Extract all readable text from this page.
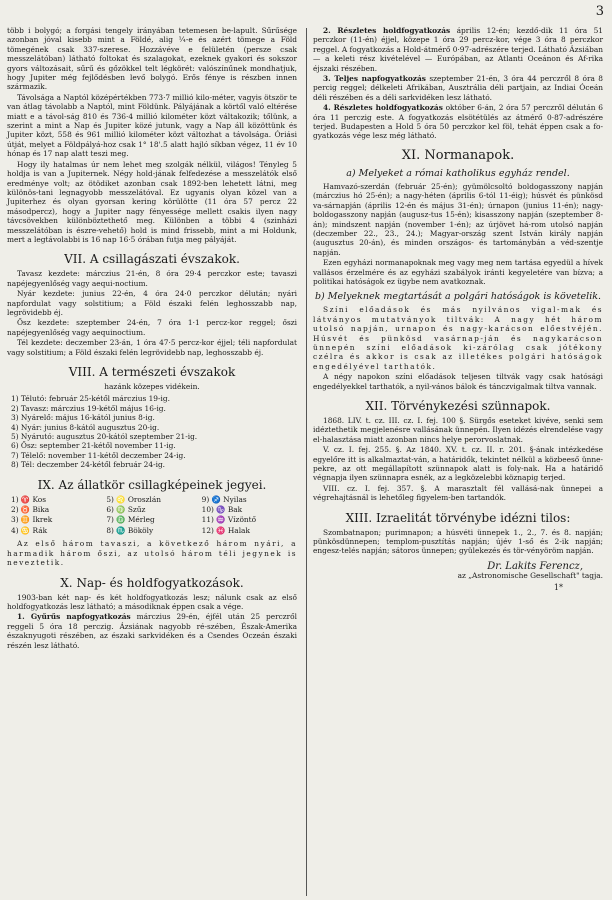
3

több i bolygó; a forgási tengely irányában tetemesen be-lapult. Sűrűsége azonban jóval kisebb mint a Földé, alig ¼-e és azért tömege a Föld tömegének csak 337-szerese. Hozzávéve e felületén (persze csak messzelátóban) látható foltokat és szalagokat, ezeknek gyakori és sokszor gyors változásait, sűrű és gőzökkel telt légkörét: valószínűnek mondhatjuk, hogy Jupiter még fejlődésben levő bolygó. Erős fénye is részben innen származik.

Távolsága a Naptól középértékben 773·7 millió kilo-méter, vagyis ötször te van átlag távolabb a Naptól, mint Földünk. Pályájának a körtől való eltérése miatt e a távol-ság 810 és 736·4 millió kilométer közt váltakozik; tőlünk, a szerint a mint a Nap és Jupiter közé jutunk, vagy a Nap áll közöttünk és Jupiter közt, 558 és 961 millió kilométer közt változhat a távolsága. Óriási útját, melyet a Földpályá-hoz csak 1° 18'.5 alatt hajló síkban végez, 11 év 10 hónap és 17 nap alatt teszi meg.

Hogy ily hatalmas úr nem lehet meg szolgák nélkül, világos! Tényleg 5 holdja is van a Jupiternek. Négy hold-jának felfedezése a messzelátók első eredménye volt; az ötödiket azonban csak 1892-ben lehetett látni, meg különös-tani legnagyobb messzelátóval. Ez ugyanis olyan közel van a Jupiterhez és olyan gyorsan kering körülötte (11 óra 57 percz 22 másodpercz), hogy a Jupiter nagy fényessége mellett csakis ilyen nagy távcsövekben különböztethető meg. Különben a többi 4 (szinházi messzelátóban is észre-vehető) hold is mind frissebb, mint a mi Holdunk, mert a legtávolabbi is 16 nap 16·5 órában futja meg pályáját.

VII. A csillagászati évszakok.

Tavasz kezdete: márczius 21-én, 8 óra 29·4 perczkor este; tavaszi napéjegyenlőség vagy aequi-noctium.

Nyár kezdete: junius 22-én, 4 óra 24·0 perczkor délután; nyári napfordulat vagy solstitium; a Föld északi felén leghosszabb nap, legrövidebb éj.

Ősz kezdete: szeptember 24-én, 7 óra 1·1 percz-kor reggel; őszi napéjegyenlőség vagy aequinoctium.

Tél kezdete: deczember 23-án, 1 óra 47·5 percz-kor éjjel; téli napfordulat vagy solstitium; a Föld északi felén legrövidebb nap, leghosszabb éj.

VIII. A természeti évszakok
hazánk közepes vidékein.
1) Télutó: február 25-kétől márczius 19-ig.
2) Tavasz: márczius 19-kétől május 16-ig.
3) Nyárelő: május 16-kától junius 8-ig.
4) Nyár: junius 8-kától augusztus 20-ig.
5) Nyárutó: augusztus 20-kától szeptember 21-ig.
6) Ősz: september 21-kétől november 11-ig.
7) Télelő: november 11-kétől deczember 24-ig.
8) Tél: deczember 24-kétől február 24-ig.
IX. Az állatkör csillagképeinek jegyei.
1) ♈ Kos	5) ♌ Oroszlán	9) ♐ Nyilas
2) ♉ Bika	6) ♍ Szűz	10) ♑ Bak
3) ♊ Ikrek	7) ♎ Mérleg	11) ♒ Vízöntő
4) ♋ Rák	8) ♏ Bököly	12) ♓ Halak

Az első három tavaszi, a következő három nyári, a harmadik három őszi, az utolsó három téli jegynek is neveztetik.

X. Nap- és holdfogyatkozások.

1903-ban két nap- és két holdfogyatkozás lesz; nálunk csak az első holdfogyatkozás lesz látható; a másodiknak éppen csak a vége.

1. Gyűrűs napfogyatkozás márczius 29-én, éjfél után 25 perczről reggeli 5 óra 18 perczig. Ázsiának nagyobb ré-szében, Észak-Amerika északnyugoti részében, az északi sarkvidéken és a Csendes Oczeán északi részén lesz látható.

2. Részletes holdfogyatkozás április 12-én; kezdő-dik 11 óra 51 perczkor (11-én) éjjel, közepe 1 óra 29 percz-kor, vége 3 óra 8 perczkor reggel. A fogyatkozás a Hold-átmérő 0·97-adrészére terjed. Látható Ázsiában — a keleti rész kivételével — Európában, az Atlanti Oceánon és Af-rika éjszaki részében.

3. Teljes napfogyatkozás szeptember 21-én, 3 óra 44 perczről 8 óra 8 percig reggel; délkeleti Afrikában, Ausztrália déli partjain, az Indiai Óceán déli részében és a déli sarkvidéken lesz látható.

4. Részletes holdfogyatkozás október 6-án, 2 óra 57 perczről délután 6 óra 11 perczig este. A fogyatkozás elsötétülés az átmérő 0·87-adrészére terjed. Budapesten a Hold 5 óra 50 perczkor kel föl, tehát éppen csak a fo-gyatkozás vége lesz még látható.

XI. Normanapok.
a) Melyeket a római katholikus egyház rendel.

Hamvazó-szerdán (február 25-én); gyümölcsoltó boldogasszony napján (márczius hó 25-én); a nagy-héten (április 6-tól 11-éig); húsvét és pünkösd va-sárnapján (április 12-én és május 31-én); úrnapon (junius 11-én); nagy-boldogasszony napján (augusz-tus 15-én); kisasszony napján (szeptember 8-án); mindszent napján (november 1-én); az úrjövet há-rom utolsó napján (deczember 22., 23., 24.); Magyar-ország szent István király napján (augusztus 20-án), és minden országos- és tartománybán a véd-szentje napján.

Ezen egyházi normanapoknak meg vagy meg nem tartása egyedül a hívek vallásos érzelmére és az egyházi szabályok iránti kegyeletére van bízva; a politikai hatóságok ez ügybe nem avatkoznak.

b) Melyeknek megtartását a polgári hatóságok is követelik.

Színi előadások és más nyilvános vigal-mak és látványos mutatványok tiltvák: A nagy hét három utolsó napján, urnapon és nagy-karácson előestvéjén. Húsvét és pünkösd vasárnap-ján és nagykarácson ünnepén színi előadások ki-zárólag csak jótékony czélra és akkor is csak az illetékes polgári hatóságok engedélyével tarthatók.

A négy napokon színi előadások teljesen tiltvák vagy csak hatósági engedélyekkel tarthatók, a nyil-vános bálok és tánczvigalmak tiltva vannak.

XII. Törvénykezési szünnapok.

1868. LIV. t. cz. III. cz. I. fej. 100 §. Sürgős eseteket kivéve, senki sem idéztethetik megjelenésre vallásának ünnepén. Ilyen idézés elrendelése vagy el-halasztása miatt azonban nincs helye perorvoslatnak.

V. cz. I. fej. 255. §. Az 1840. XV. t. cz. II. r. 201. §-ának intézkedése egyelőre itt is alkalmaztat-ván, a határidők, tekintet nélkül a közbeeső ünne-pekre, az ott megállapított szünnapok alatt is foly-nak. Ha a határidő végnapja ilyen szünnapra esnék, az a legközelebbi köznapig terjed.

VIII. cz. I. fej. 357. §. A marasztalt fél vallásá-nak ünnepei a végrehajtásnál is lehetőleg figyelem-ben tartandók.

XIII. Izraelitát törvénybe idézni tilos:

Szombatnapon; purimnapon; a húsvéti ünnepek 1., 2., 7. és 8. napján; pünkösdünnepen; templom-pusztítás napján; újév 1-ső és 2-ik napján; engesz-telés napján; sátoros ünnepen; gyülekezés és tör-vényöröm napján.

Dr. Lakits Ferencz,
az „Astronomische Gesellschaft" tagja.
1*
